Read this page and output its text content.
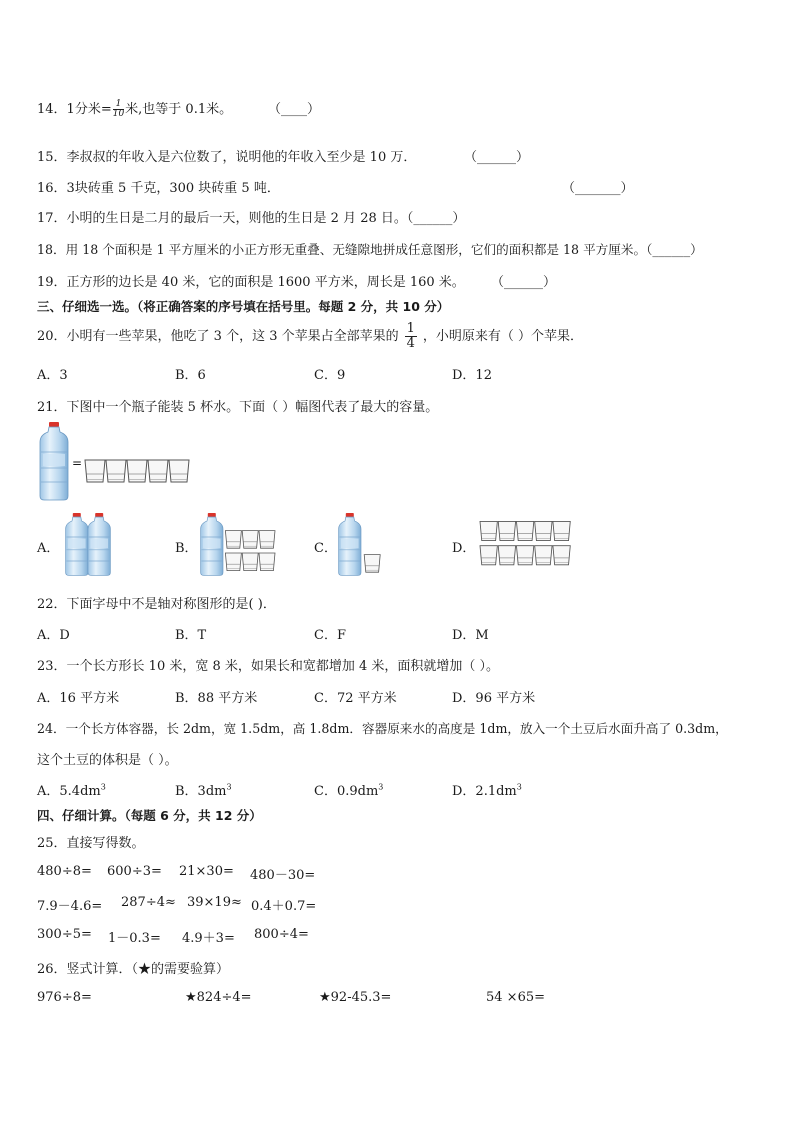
14．1分米= $\frac{1}{10}$ 米,也等于 0.1米。	（____）
15．李叔叔的年收入是六位数了，说明他的年收入至少是 10 万．	（______）
16．3块砖重 5 千克，300 块砖重 5 吨．	（_______）
17．小明的生日是二月的最后一天，则他的生日是 2 月 28 日。（______）
18．用 18 个面积是 1 平方厘米的小正方形无重叠、无缝隙地拼成任意图形，它们的面积都是 18 平方厘米。（______）
19．正方形的边长是 40 米，它的面积是 1600 平方米，周长是 160 米。 （______）
三、仔细选一选。（将正确答案的序号填在括号里。每题 2 分，共 10 分）
20．小明有一些苹果，他吃了 3 个，这 3 个苹果占全部苹果的 $\frac{1}{4}$ ，小明原来有（ ）个苹果．
A．3	B．6	C．9	D．12
21．下图中一个瓶子能装 5 杯水。下面（ ）幅图代表了最大的容量。
=
A．	B．	C．	D．
22．下面字母中不是轴对称图形的是( )．
A．D	B．T	C．F	D．M
23．一个长方形长 10 米，宽 8 米，如果长和宽都增加 4 米，面积就增加（ ）。
A．16 平方米	B．88 平方米	C．72 平方米	D．96 平方米
24．一个长方体容器，长 2dm，宽 1.5dm，高 1.8dm．容器原来水的高度是 1dm，放入一个土豆后水面升高了 0.3dm，
这个土豆的体积是（ ）。
A．$5.4dm^3$	B．$3dm^3$	C．$0.9dm^3$	D．$2.1dm^3$
四、仔细计算。（每题 6 分，共 12 分）
25．直接写得数。
480÷8= 600÷3= 21×30= 480－30=
7.9－4.6= 287÷4≈ 39×19≈ 0.4＋0.7=
300÷5= 1－0.3= 4.9＋3= 800÷4=
26．竖式计算．（★的需要验算）
976÷8=	★824÷4=	★92-45.3=	54 ×65=
